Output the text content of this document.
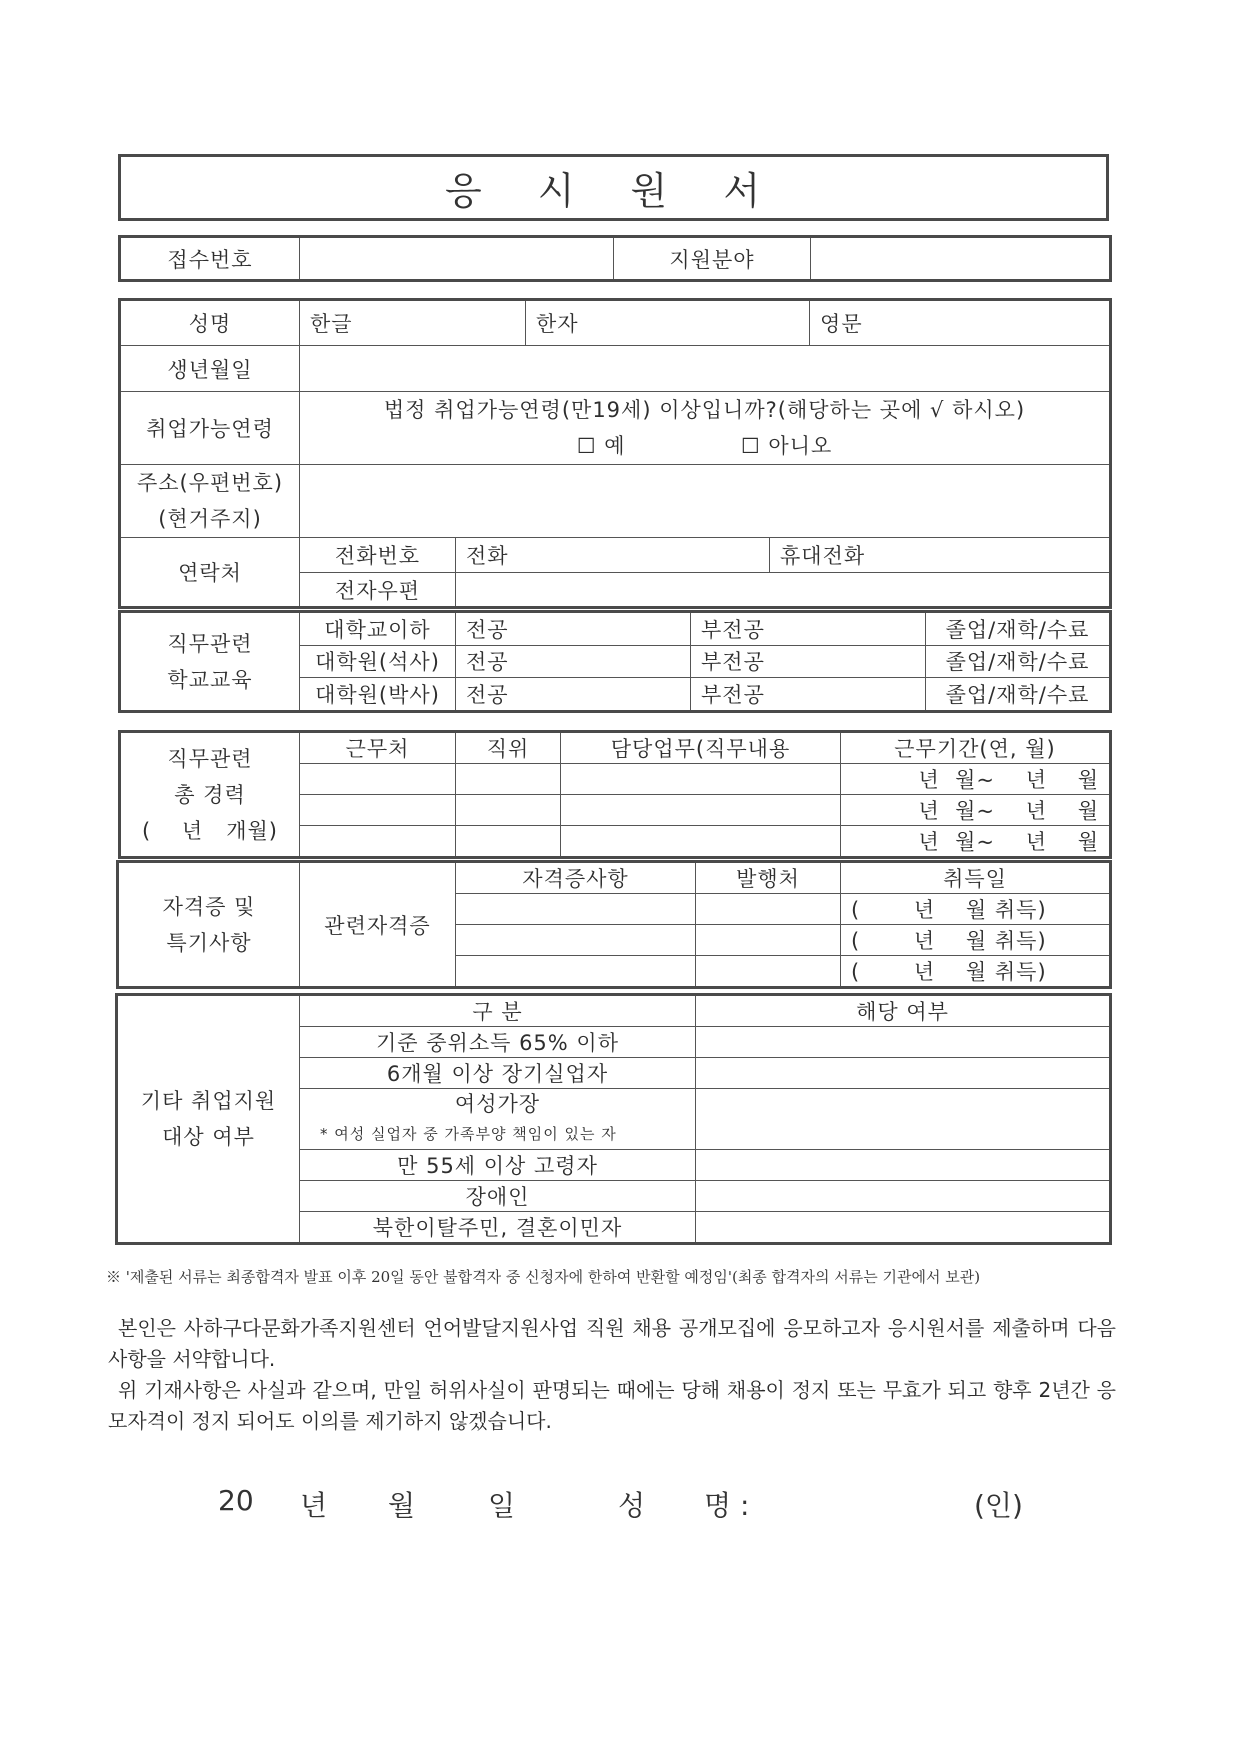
응 시 원 서
접수번호		지원분야	
성명	한글		한자		영문
생년월일					
취업가능연령	법정 취업가능연령(만19세) 이상입니까?(해당하는 곳에 √ 하시오)
☐ 예 ☐ 아니오				

주소(우편번호)
(현거주지)					

연락처	전화번호	전화		휴대전화	
	전자우편				
직무관련
학교교육	대학교이하	전공	부전공	졸업/재학/수료
	대학원(석사)	전공	부전공	졸업/재학/수료
	대학원(박사)	전공	부전공	졸업/재학/수료
직무관련
총 경력
(    년   개월)	근무처	직위	담당업무(직무내용	근무기간(연, 월)
				년  월~    년    월
				년  월~    년    월
				년  월~    년    월
자격증 및
특기사항	관련자격증	자격증사항	발행처	취득일
				(       년    월 취득)
				(       년    월 취득)
				(       년    월 취득)
기타 취업지원
대상 여부	구 분	해당 여부
	기준 중위소득 65% 이하	
	6개월 이상 장기실업자	

	여성가장
* 여성 실업자 중 가족부양 책임이 있는 자	

	만 55세 이상 고령자	
	장애인	
	북한이탈주민, 결혼이민자	
※ '제출된 서류는 최종합격자 발표 이후 20일 동안 불합격자 중 신청자에 한하여 반환할 예정임'(최종 합격자의 서류는 기관에서 보관)

본인은 사하구다문화가족지원센터 언어발달지원사업 직원 채용 공개모집에 응모하고자 응시원서를 제출하며 다음 사항을 서약합니다.

위 기재사항은 사실과 같으며, 만일 허위사실이 판명되는 때에는 당해 채용이 정지 또는 무효가 되고 향후 2년간 응모자격이 정지 되어도 이의를 제기하지 않겠습니다.

20 년 월	일	성 명 :	(인)
